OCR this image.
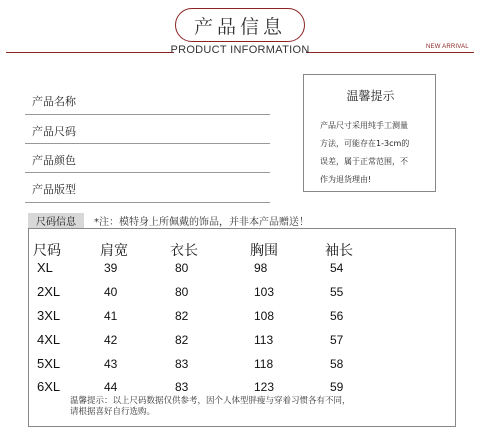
产品信息
PRODUCT INFORMATION	NEW ARRIVAL
产品名称
产品尺码
产品颜色
产品版型
温馨提示
产品尺寸采用纯手工测量
方法，可能存在1-3cm的
误差，属于正常范围，不
作为退货理由!
尺码信息	*注：模特身上所佩戴的饰品，并非本产品赠送！
尺码	肩宽	衣长	胸围	袖长
XL	39	80	98	54
2XL	40	80	103	55
3XL	41	82	108	56
4XL	42	82	113	57
5XL	43	83	118	58
6XL	44	83	123	59
温馨提示：以上尺码数据仅供参考，因个人体型胖瘦与穿着习惯各有不同，
请根据喜好自行选购。
